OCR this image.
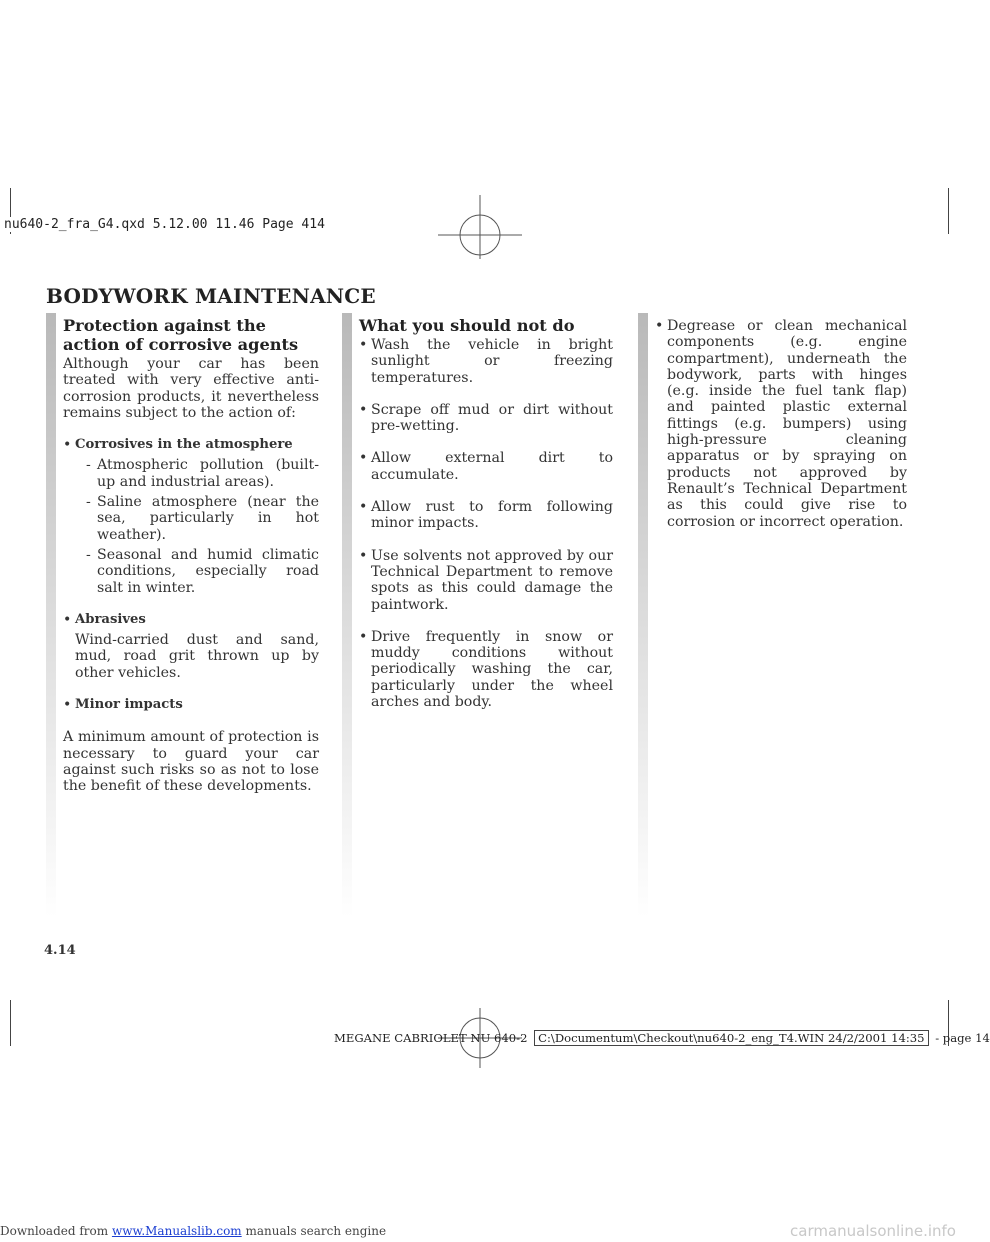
nu640-2_fra_G4.qxd 5.12.00 11.46 Page 414
BODYWORK MAINTENANCE
Protection against the action of corrosive agents

Although your car has been treated with very effective anti-corrosion products, it nevertheless remains subject to the action of:

• Corrosives in the atmosphere
- Atmospheric pollution (built-up and industrial areas).
- Saline atmosphere (near the sea, particularly in hot weather).
- Seasonal and humid climatic conditions, especially road salt in winter.
• Abrasives
Wind-carried dust and sand, mud, road grit thrown up by other vehicles.
• Minor impacts

A minimum amount of protection is necessary to guard your car against such risks so as not to lose the benefit of these developments.

What you should not do
• Wash the vehicle in bright sunlight or freezing temperatures.
• Scrape off mud or dirt without pre-wetting.
• Allow external dirt to accumulate.
• Allow rust to form following minor impacts.
• Use solvents not approved by our Technical Department to remove spots as this could damage the paintwork.
• Drive frequently in snow or muddy conditions without periodically washing the car, particularly under the wheel arches and body.
• Degrease or clean mechanical components (e.g. engine compartment), underneath the bodywork, parts with hinges (e.g. inside the fuel tank flap) and painted plastic external fittings (e.g. bumpers) using high-pressure cleaning apparatus or by spraying on products not approved by Renault’s Technical Department as this could give rise to corrosion or incorrect operation.
4.14
MEGANE CABRIOLET NU 640-2 C:\Documentum\Checkout\nu640-2_eng_T4.WIN 24/2/2001 14:35 - page 14
Downloaded from www.Manualslib.com manuals search engine	carmanualsonline.info
